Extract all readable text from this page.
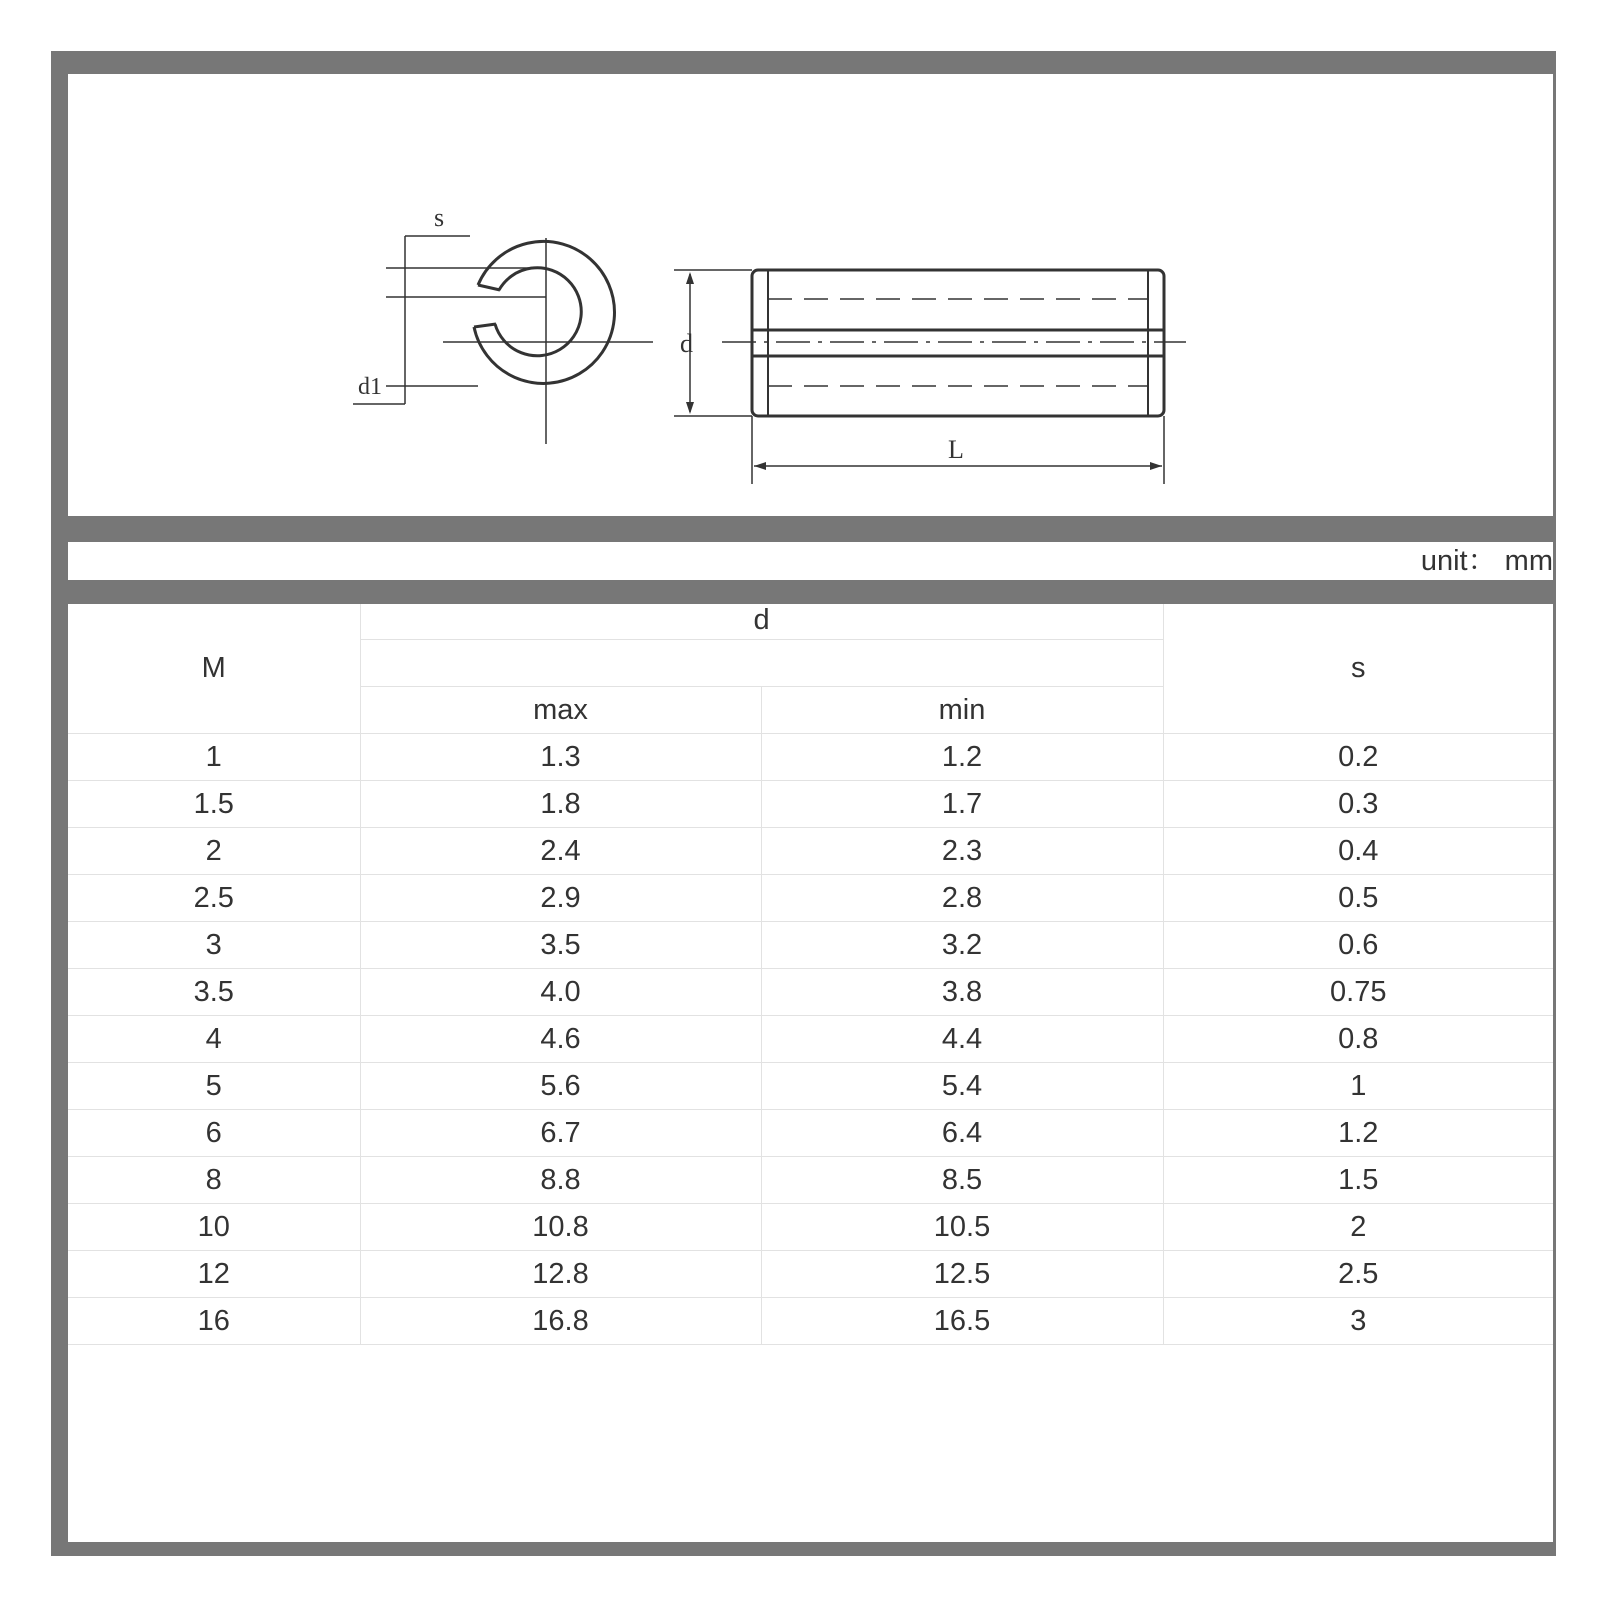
s
d1
d
L
unit： mm
M	d		s

	max	min	
1	1.3	1.2	0.2
1.5	1.8	1.7	0.3
2	2.4	2.3	0.4
2.5	2.9	2.8	0.5
3	3.5	3.2	0.6
3.5	4.0	3.8	0.75
4	4.6	4.4	0.8
5	5.6	5.4	1
6	6.7	6.4	1.2
8	8.8	8.5	1.5
10	10.8	10.5	2
12	12.8	12.5	2.5
16	16.8	16.5	3
